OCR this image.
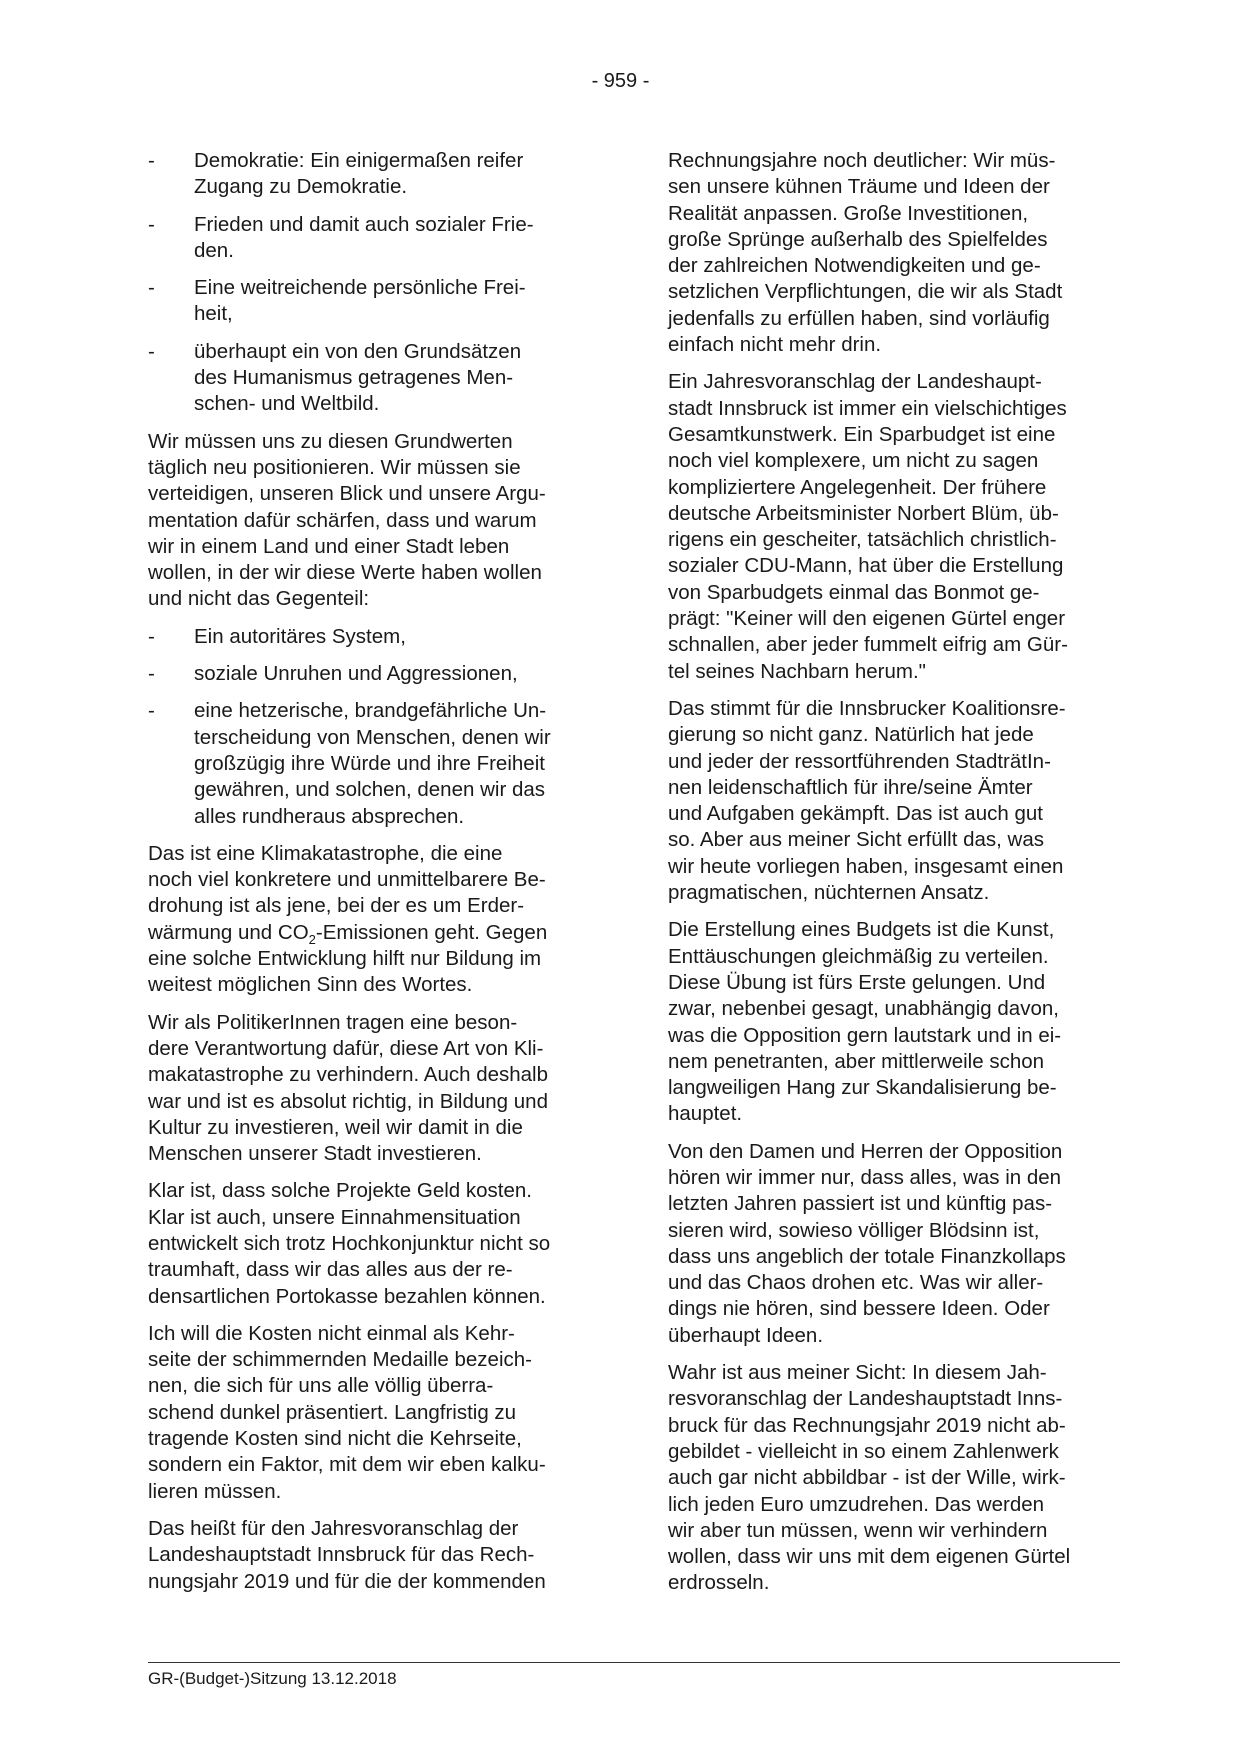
- 959 -
-	Demokratie: Ein einigermaßen reifer
Zugang zu Demokratie.
-	Frieden und damit auch sozialer Frie-
den.
-	Eine weitreichende persönliche Frei-
heit,
-	überhaupt ein von den Grundsätzen
des Humanismus getragenes Men-
schen- und Weltbild.

Wir müssen uns zu diesen Grundwerten
täglich neu positionieren. Wir müssen sie
verteidigen, unseren Blick und unsere Argu-
mentation dafür schärfen, dass und warum
wir in einem Land und einer Stadt leben
wollen, in der wir diese Werte haben wollen
und nicht das Gegenteil:

-	Ein autoritäres System,
-	soziale Unruhen und Aggressionen,
-	eine hetzerische, brandgefährliche Un-
terscheidung von Menschen, denen wir
großzügig ihre Würde und ihre Freiheit
gewähren, und solchen, denen wir das
alles rundheraus absprechen.

Das ist eine Klimakatastrophe, die eine
noch viel konkretere und unmittelbarere Be-
drohung ist als jene, bei der es um Erder-
wärmung und $CO_2$-Emissionen geht. Gegen
eine solche Entwicklung hilft nur Bildung im
weitest möglichen Sinn des Wortes.

Wir als PolitikerInnen tragen eine beson-
dere Verantwortung dafür, diese Art von Kli-
makatastrophe zu verhindern. Auch deshalb
war und ist es absolut richtig, in Bildung und
Kultur zu investieren, weil wir damit in die
Menschen unserer Stadt investieren.

Klar ist, dass solche Projekte Geld kosten.
Klar ist auch, unsere Einnahmensituation
entwickelt sich trotz Hochkonjunktur nicht so
traumhaft, dass wir das alles aus der re-
densartlichen Portokasse bezahlen können.

Ich will die Kosten nicht einmal als Kehr-
seite der schimmernden Medaille bezeich-
nen, die sich für uns alle völlig überra-
schend dunkel präsentiert. Langfristig zu
tragende Kosten sind nicht die Kehrseite,
sondern ein Faktor, mit dem wir eben kalku-
lieren müssen.

Das heißt für den Jahresvoranschlag der
Landeshauptstadt Innsbruck für das Rech-
nungsjahr 2019 und für die der kommenden

Rechnungsjahre noch deutlicher: Wir müs-
sen unsere kühnen Träume und Ideen der
Realität anpassen. Große Investitionen,
große Sprünge außerhalb des Spielfeldes
der zahlreichen Notwendigkeiten und ge-
setzlichen Verpflichtungen, die wir als Stadt
jedenfalls zu erfüllen haben, sind vorläufig
einfach nicht mehr drin.

Ein Jahresvoranschlag der Landeshaupt-
stadt Innsbruck ist immer ein vielschichtiges
Gesamtkunstwerk. Ein Sparbudget ist eine
noch viel komplexere, um nicht zu sagen
kompliziertere Angelegenheit. Der frühere
deutsche Arbeitsminister Norbert Blüm, üb-
rigens ein gescheiter, tatsächlich christlich-
sozialer CDU-Mann, hat über die Erstellung
von Sparbudgets einmal das Bonmot ge-
prägt: "Keiner will den eigenen Gürtel enger
schnallen, aber jeder fummelt eifrig am Gür-
tel seines Nachbarn herum."

Das stimmt für die Innsbrucker Koalitionsre-
gierung so nicht ganz. Natürlich hat jede
und jeder der ressortführenden StadträtIn-
nen leidenschaftlich für ihre/seine Ämter
und Aufgaben gekämpft. Das ist auch gut
so. Aber aus meiner Sicht erfüllt das, was
wir heute vorliegen haben, insgesamt einen
pragmatischen, nüchternen Ansatz.

Die Erstellung eines Budgets ist die Kunst,
Enttäuschungen gleichmäßig zu verteilen.
Diese Übung ist fürs Erste gelungen. Und
zwar, nebenbei gesagt, unabhängig davon,
was die Opposition gern lautstark und in ei-
nem penetranten, aber mittlerweile schon
langweiligen Hang zur Skandalisierung be-
hauptet.

Von den Damen und Herren der Opposition
hören wir immer nur, dass alles, was in den
letzten Jahren passiert ist und künftig pas-
sieren wird, sowieso völliger Blödsinn ist,
dass uns angeblich der totale Finanzkollaps
und das Chaos drohen etc. Was wir aller-
dings nie hören, sind bessere Ideen. Oder
überhaupt Ideen.

Wahr ist aus meiner Sicht: In diesem Jah-
resvoranschlag der Landeshauptstadt Inns-
bruck für das Rechnungsjahr 2019 nicht ab-
gebildet - vielleicht in so einem Zahlenwerk
auch gar nicht abbildbar - ist der Wille, wirk-
lich jeden Euro umzudrehen. Das werden
wir aber tun müssen, wenn wir verhindern
wollen, dass wir uns mit dem eigenen Gürtel
erdrosseln.

GR-(Budget-)Sitzung 13.12.2018
